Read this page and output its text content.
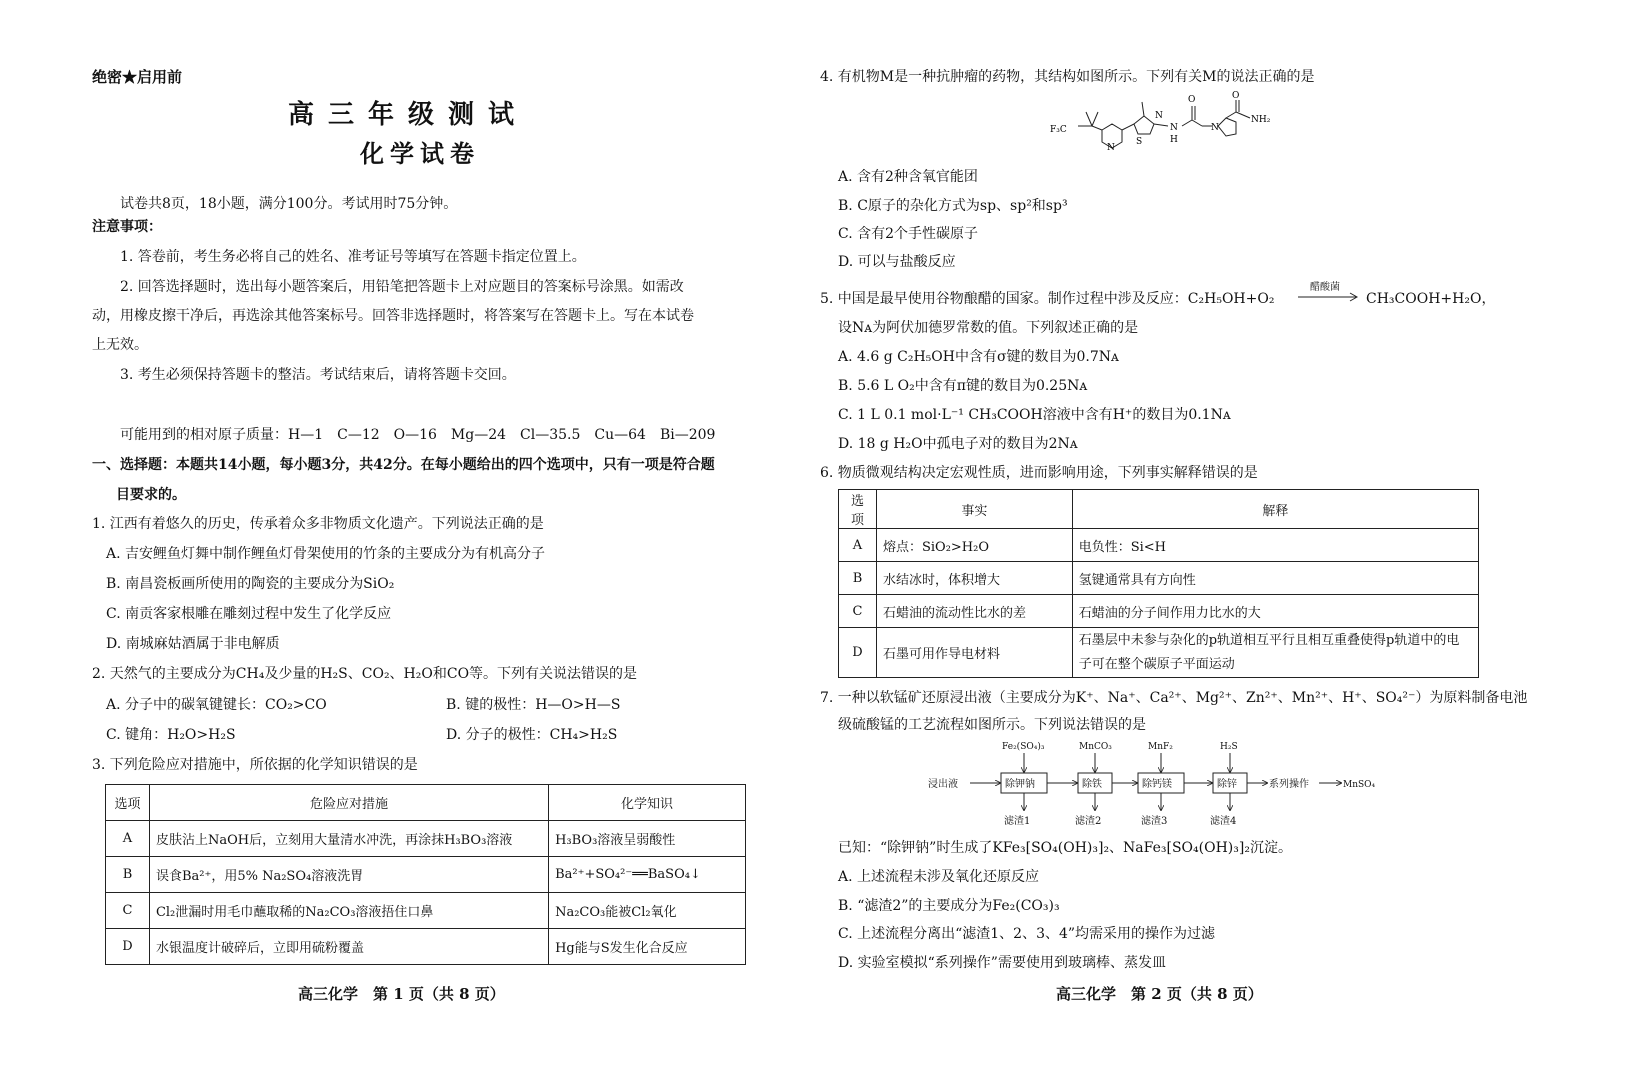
绝密★启用前
高三年级测试
化学试卷
试卷共8页，18小题，满分100分。考试用时75分钟。
注意事项：
1. 答卷前，考生务必将自己的姓名、准考证号等填写在答题卡指定位置上。
2. 回答选择题时，选出每小题答案后，用铅笔把答题卡上对应题目的答案标号涂黑。如需改
动，用橡皮擦干净后，再选涂其他答案标号。回答非选择题时，将答案写在答题卡上。写在本试卷
上无效。
3. 考生必须保持答题卡的整洁。考试结束后，请将答题卡交回。
可能用到的相对原子质量：H—1　C—12　O—16　Mg—24　Cl—35.5　Cu—64　Bi—209
一、选择题：本题共14小题，每小题3分，共42分。在每小题给出的四个选项中，只有一项是符合题
目要求的。
1. 江西有着悠久的历史，传承着众多非物质文化遗产。下列说法正确的是
A. 吉安鲤鱼灯舞中制作鲤鱼灯骨架使用的竹条的主要成分为有机高分子
B. 南昌瓷板画所使用的陶瓷的主要成分为SiO₂
C. 南贡客家根雕在雕刻过程中发生了化学反应
D. 南城麻姑酒属于非电解质
2. 天然气的主要成分为CH₄及少量的H₂S、CO₂、H₂O和CO等。下列有关说法错误的是
A. 分子中的碳氧键键长：CO₂>CO	B. 键的极性：H—O>H—S
C. 键角：H₂O>H₂S	D. 分子的极性：CH₄>H₂S
3. 下列危险应对措施中，所依据的化学知识错误的是
选项	危险应对措施	化学知识
A	皮肤沾上NaOH后，立刻用大量清水冲洗，再涂抹H₃BO₃溶液	H₃BO₃溶液呈弱酸性
B	误食Ba²⁺，用5% Na₂SO₄溶液洗胃	Ba²⁺+SO₄²⁻══BaSO₄↓
C	Cl₂泄漏时用毛巾蘸取稀的Na₂CO₃溶液捂住口鼻	Na₂CO₃能被Cl₂氧化
D	水银温度计破碎后，立即用硫粉覆盖	Hg能与S发生化合反应
高三化学　第 1 页（共 8 页）
4. 有机物M是一种抗肿瘤的药物，其结构如图所示。下列有关M的说法正确的是
F₃C
N
S
N
N
H
O
N
O
NH₂
A. 含有2种含氧官能团
B. C原子的杂化方式为sp、sp²和sp³
C. 含有2个手性碳原子
D. 可以与盐酸反应
5. 中国是最早使用谷物酿醋的国家。制作过程中涉及反应：C₂H₅OH+O₂
醋酸菌
CH₃COOH+H₂O，
设Nᴀ为阿伏加德罗常数的值。下列叙述正确的是
A. 4.6 g C₂H₅OH中含有σ键的数目为0.7Nᴀ
B. 5.6 L O₂中含有π键的数目为0.25Nᴀ
C. 1 L 0.1 mol·L⁻¹ CH₃COOH溶液中含有H⁺的数目为0.1Nᴀ
D. 18 g H₂O中孤电子对的数目为2Nᴀ
6. 物质微观结构决定宏观性质，进而影响用途，下列事实解释错误的是
选项	事实	解释
A	熔点：SiO₂>H₂O	电负性：Si<H
B	水结冰时，体积增大	氢键通常具有方向性
C	石蜡油的流动性比水的差	石蜡油的分子间作用力比水的大
D	石墨可用作导电材料	石墨层中未参与杂化的p轨道相互平行且相互重叠使得p轨道中的电子可在整个碳原子平面运动
7. 一种以软锰矿还原浸出液（主要成分为K⁺、Na⁺、Ca²⁺、Mg²⁺、Zn²⁺、Mn²⁺、H⁺、SO₄²⁻）为原料制备电池
级硫酸锰的工艺流程如图所示。下列说法错误的是
浸出液	除钾钠	除铁	除钙镁	除锌
Fe₂(SO₄)₃	MnCO₃	MnF₂	H₂S
滤渣1	滤渣2	滤渣3	滤渣4
系列操作	MnSO₄
已知：“除钾钠”时生成了KFe₃[SO₄(OH)₃]₂、NaFe₃[SO₄(OH)₃]₂沉淀。
A. 上述流程未涉及氧化还原反应
B. “滤渣2”的主要成分为Fe₂(CO₃)₃
C. 上述流程分离出“滤渣1、2、3、4”均需采用的操作为过滤
D. 实验室模拟“系列操作”需要使用到玻璃棒、蒸发皿
高三化学　第 2 页（共 8 页）
